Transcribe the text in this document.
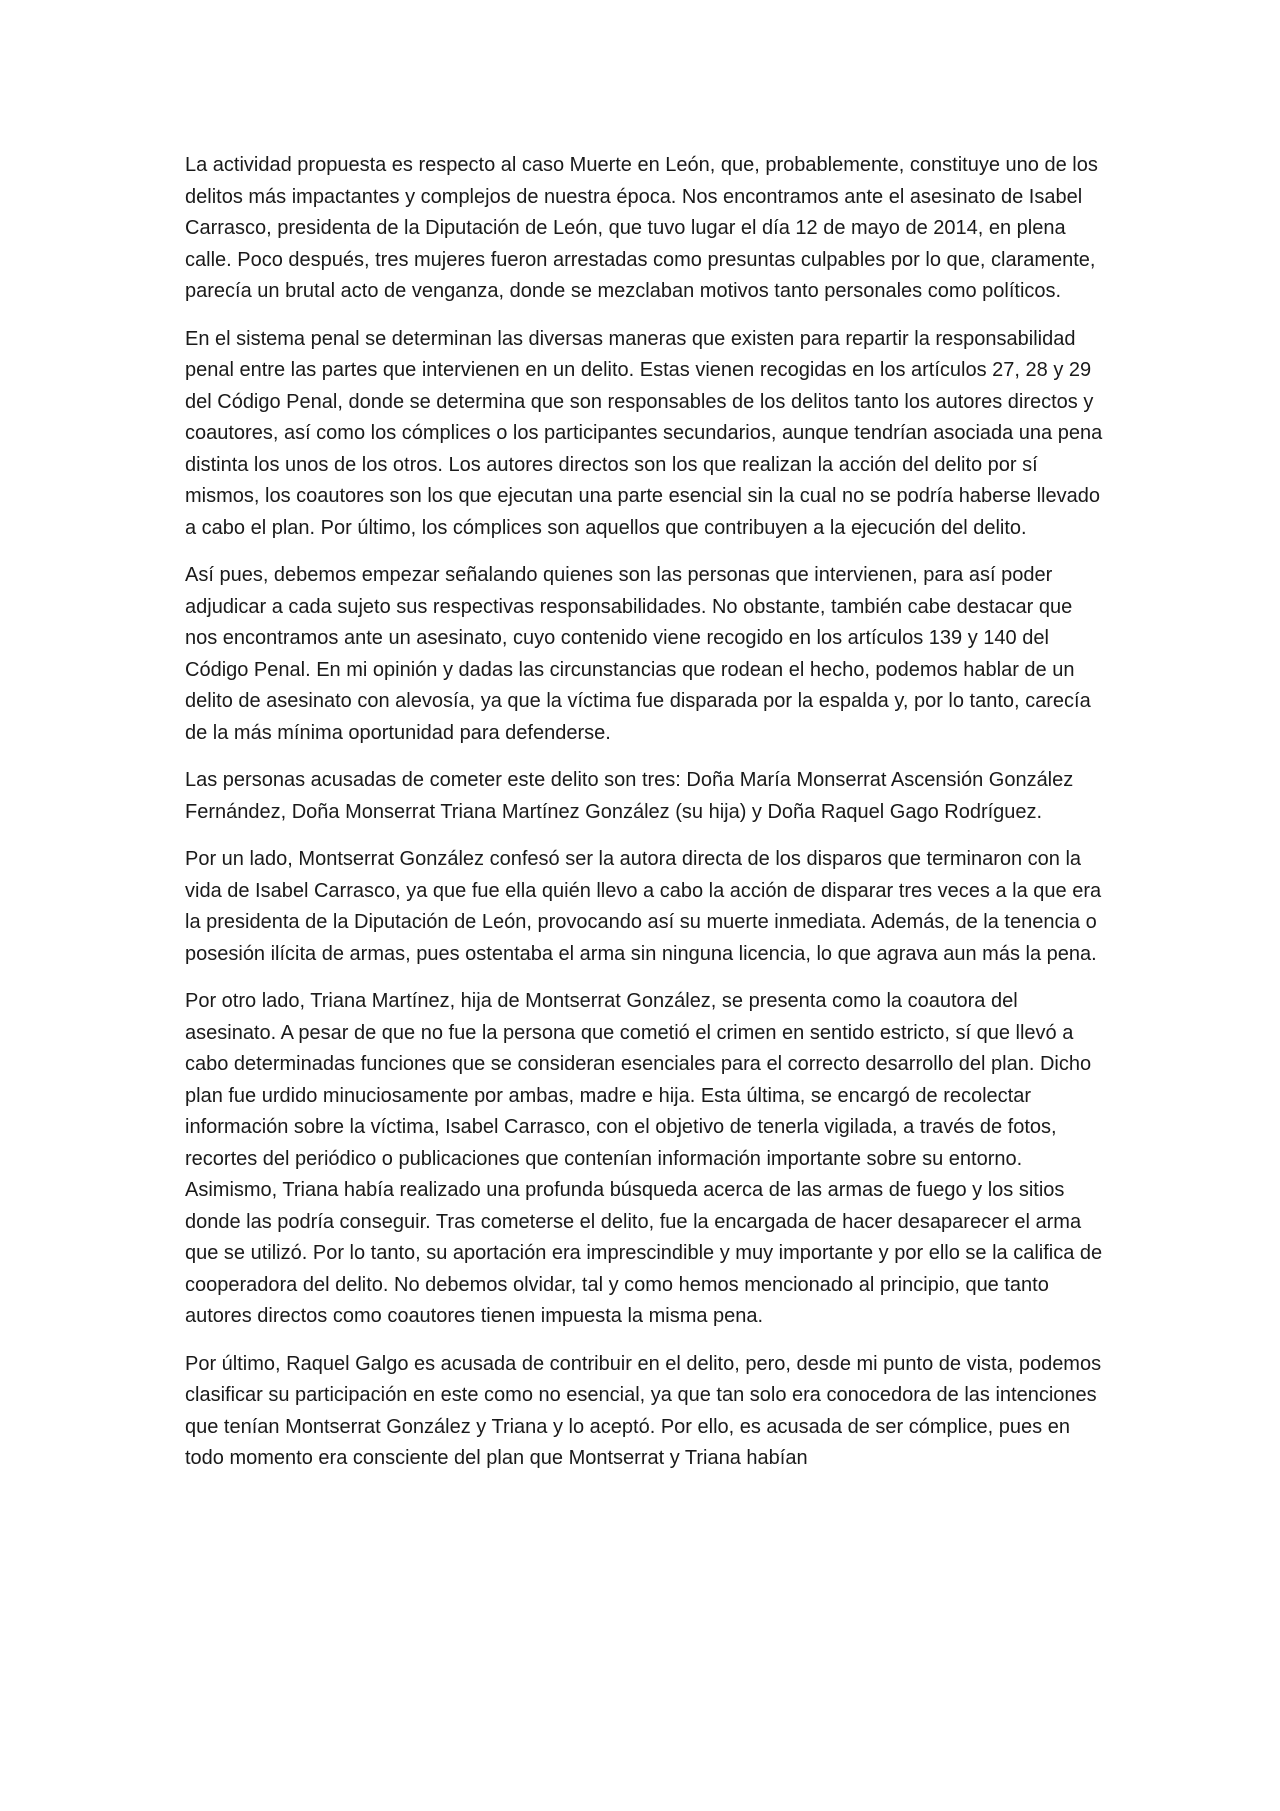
La actividad propuesta es respecto al caso Muerte en León, que, probablemente, constituye uno de los delitos más impactantes y complejos de nuestra época. Nos encontramos ante el asesinato de Isabel Carrasco, presidenta de la Diputación de León, que tuvo lugar el día 12 de mayo de 2014, en plena calle. Poco después, tres mujeres fueron arrestadas como presuntas culpables por lo que, claramente, parecía un brutal acto de venganza, donde se mezclaban motivos tanto personales como políticos.

En el sistema penal se determinan las diversas maneras que existen para repartir la responsabilidad penal entre las partes que intervienen en un delito. Estas vienen recogidas en los artículos 27, 28 y 29 del Código Penal, donde se determina que son responsables de los delitos tanto los autores directos y coautores, así como los cómplices o los participantes secundarios, aunque tendrían asociada una pena distinta los unos de los otros. Los autores directos son los que realizan la acción del delito por sí mismos, los coautores son los que ejecutan una parte esencial sin la cual no se podría haberse llevado a cabo el plan. Por último, los cómplices son aquellos que contribuyen a la ejecución del delito.

Así pues, debemos empezar señalando quienes son las personas que intervienen, para así poder adjudicar a cada sujeto sus respectivas responsabilidades. No obstante, también cabe destacar que nos encontramos ante un asesinato, cuyo contenido viene recogido en los artículos 139 y 140 del Código Penal. En mi opinión y dadas las circunstancias que rodean el hecho, podemos hablar de un delito de asesinato con alevosía, ya que la víctima fue disparada por la espalda y, por lo tanto, carecía de la más mínima oportunidad para defenderse.

Las personas acusadas de cometer este delito son tres: Doña María Monserrat Ascensión González Fernández, Doña Monserrat Triana Martínez González (su hija) y Doña Raquel Gago Rodríguez.

Por un lado, Montserrat González confesó ser la autora directa de los disparos que terminaron con la vida de Isabel Carrasco, ya que fue ella quién llevo a cabo la acción de disparar tres veces a la que era la presidenta de la Diputación de León, provocando así su muerte inmediata. Además, de la tenencia o posesión ilícita de armas, pues ostentaba el arma sin ninguna licencia, lo que agrava aun más la pena.

Por otro lado, Triana Martínez, hija de Montserrat González, se presenta como la coautora del asesinato. A pesar de que no fue la persona que cometió el crimen en sentido estricto, sí que llevó a cabo determinadas funciones que se consideran esenciales para el correcto desarrollo del plan. Dicho plan fue urdido minuciosamente por ambas, madre e hija. Esta última, se encargó de recolectar información sobre la víctima, Isabel Carrasco, con el objetivo de tenerla vigilada, a través de fotos, recortes del periódico o publicaciones que contenían información importante sobre su entorno. Asimismo, Triana había realizado una profunda búsqueda acerca de las armas de fuego y los sitios donde las podría conseguir. Tras cometerse el delito, fue la encargada de hacer desaparecer el arma que se utilizó. Por lo tanto, su aportación era imprescindible y muy importante y por ello se la califica de cooperadora del delito. No debemos olvidar, tal y como hemos mencionado al principio, que tanto autores directos como coautores tienen impuesta la misma pena.

Por último, Raquel Galgo es acusada de contribuir en el delito, pero, desde mi punto de vista, podemos clasificar su participación en este como no esencial, ya que tan solo era conocedora de las intenciones que tenían Montserrat González y Triana y lo aceptó. Por ello, es acusada de ser cómplice, pues en todo momento era consciente del plan que Montserrat y Triana habían
